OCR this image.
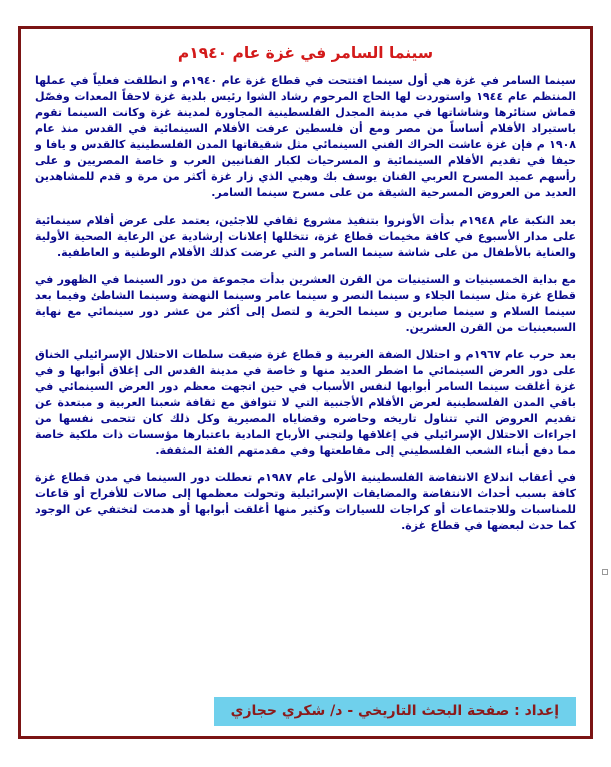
سينما السامر في غزة عام ١٩٤٠م

سينما السامر في غزة هي أول سينما افتتحت في قطاع غزة عام ١٩٤٠م و انطلقت فعلياً في عملها المنتظم عام ١٩٤٤ واستوردت لها الحاج المرحوم رشاد الشوا رئيس بلدية غزة لاحقاً المعدات وفصّل قماش ستائرها وشاشاتها في مدينة المجدل الفلسطينية المجاورة لمدينة غزة وكانت السينما تقوم باستيراد الأفلام أساساً من مصر ومع أن فلسطين عرفت الأفلام السينمائية في القدس منذ عام ١٩٠٨ م فإن غزة عاشت الحراك الفني السينمائي مثل شقيقاتها المدن الفلسطينية كالقدس و يافا و حيفا في تقديم الأفلام السينمائية و المسرحيات لكبار الفنانيين العرب و خاصة المصريين و على رأسهم عميد المسرح العربي الفنان يوسف بك وهبي الذي زار غزة أكثر من مرة و قدم للمشاهدين العديد من العروض المسرحية الشيقة من على مسرح سينما السامر.

بعد النكبة عام ١٩٤٨م بدأت الأونروا بتنفيذ مشروع ثقافي للاجئين، يعتمد على عرض أفلام سينمائية على مدار الأسبوع في كافة مخيمات قطاع غزة، تتخللها إعلانات إرشادية عن الرعاية الصحية الأولية والعناية بالأطفال من على شاشة سينما السامر و التي عرضت كذلك الأفلام الوطنية و العاطفية.

مع بداية الخمسينيات و الستينيات من القرن العشرين بدأت مجموعة من دور السينما في الظهور في قطاع غزة مثل سينما الجلاء و سينما النصر و سينما عامر وسينما النهضة وسينما الشاطئ وفيما بعد سينما السلام و سينما صابرين و سينما الحرية و لتصل إلى أكثر من عشر دور سينمائي مع نهاية السبعينيات من القرن العشرين.

بعد حرب عام ١٩٦٧م و احتلال الضفة الغربية و قطاع غزة ضيقت سلطات الاحتلال الإسرائيلي الخناق على دور العرض السينمائي ما اضطر العديد منها و خاصة في مدينة القدس الى إغلاق أبوابها و في غزة أغلقت سينما السامر أبوابها لنفس الأسباب في حين اتجهت معظم دور العرض السينمائي في باقي المدن الفلسطينية لعرض الأفلام الأجنبية التي لا تتوافق مع ثقافة شعبنا العربية و مبتعدة عن تقديم العروض التي تتناول تاريخه وحاضره وقضاياه المصيرية وكل ذلك كان تتحمى نفسها من اجراءات الاحتلال الإسرائيلي في إغلاقها ولتجني الأرباح المادية باعتبارها مؤسسات ذات ملكية خاصة مما دفع أبناء الشعب الفلسطيني إلى مقاطعتها وفي مقدمتهم الفئة المثقفة.

في أعقاب اندلاع الانتفاضة الفلسطينية الأولى عام ١٩٨٧م تعطلت دور السينما في مدن قطاع غزة كافة بسبب أحداث الانتفاضة والمضايقات الإسرائيلية وتحولت معظمها إلى صالات للأفراح أو قاعات للمناسبات وللاجتماعات أو كراجات للسيارات وكثير منها أغلقت أبوابها أو هدمت لتختفي عن الوجود كما حدث لبعضها في قطاع غزة.

إعداد : صفحة البحث التاريخي - د/ شكري حجازي
